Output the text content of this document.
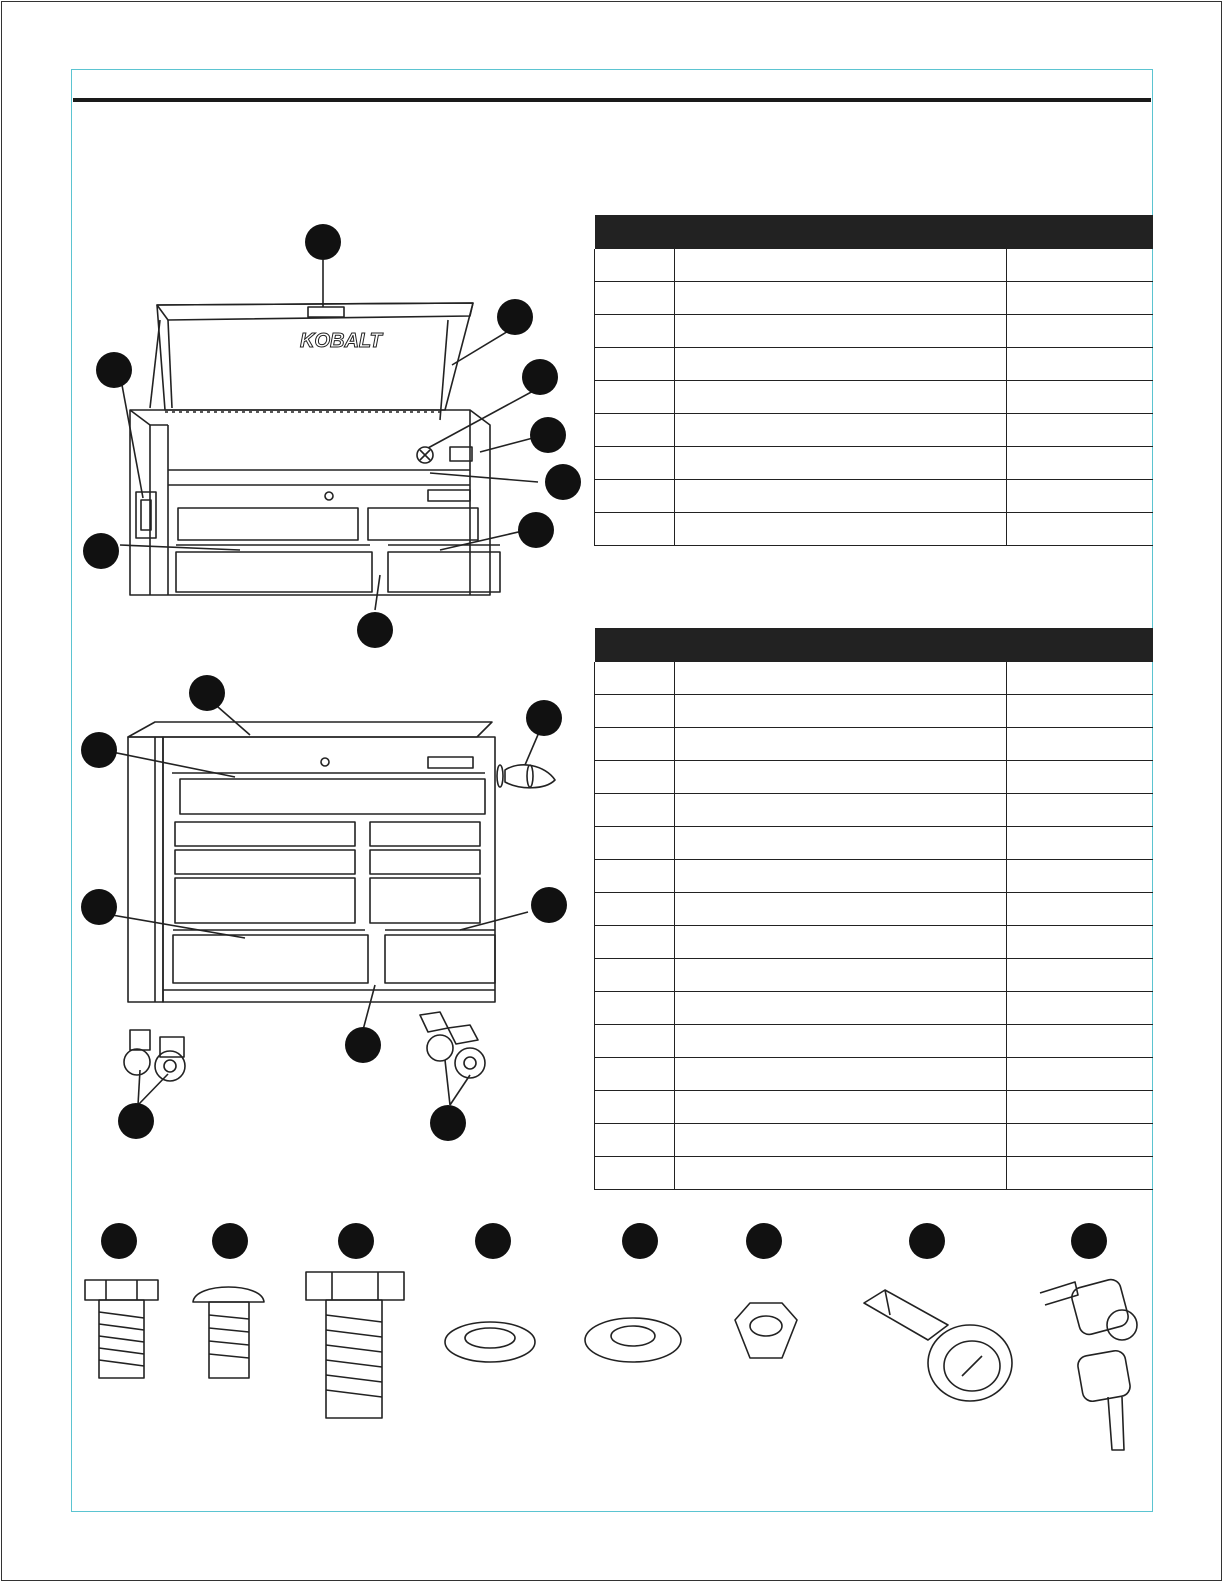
KOBALT
